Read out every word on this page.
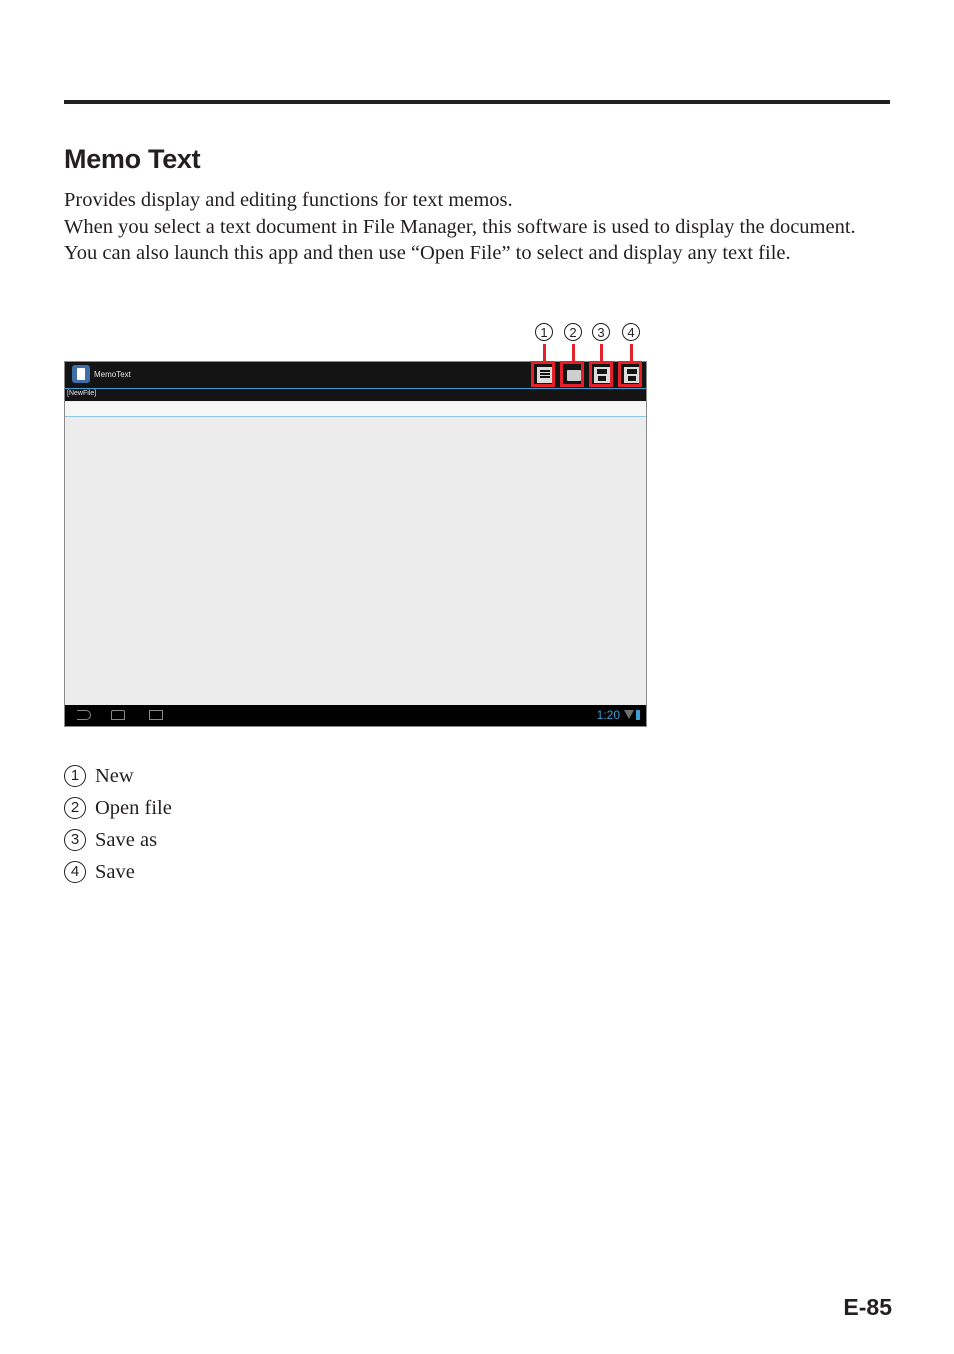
Memo Text

Provides display and editing functions for text memos.

When you select a text document in File Manager, this software is used to display the document.

You can also launch this app and then use “Open File” to select and display any text file.

1	2	3	4
MemoText
[NewFile]
1:20
1 New
2 Open file
3 Save as
4 Save
E-85
